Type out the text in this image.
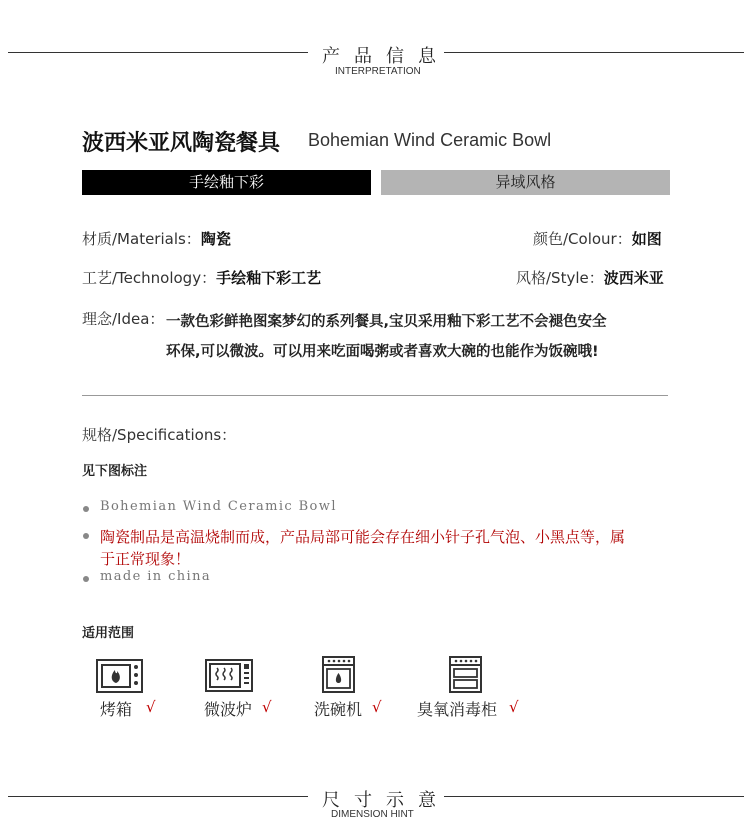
产品信息
INTERPRETATION
波西米亚风陶瓷餐具 Bohemian Wind Ceramic Bowl
手绘釉下彩	异域风格
材质/Materials：陶瓷	颜色/Colour：如图
工艺/Technology：手绘釉下彩工艺	风格/Style：波西米亚
理念/Idea： 一款色彩鲜艳图案梦幻的系列餐具,宝贝采用釉下彩工艺不会褪色安全
环保,可以微波。可以用来吃面喝粥或者喜欢大碗的也能作为饭碗哦!
规格/Specifications：
见下图标注
Bohemian Wind Ceramic Bowl
陶瓷制品是高温烧制而成，产品局部可能会存在细小针子孔气泡、小黑点等，属
于正常现象！
made in china
适用范围
烤箱 √	微波炉 √	洗碗机 √ 臭氧消毒柜 √
尺寸示意
DIMENSION HINT
